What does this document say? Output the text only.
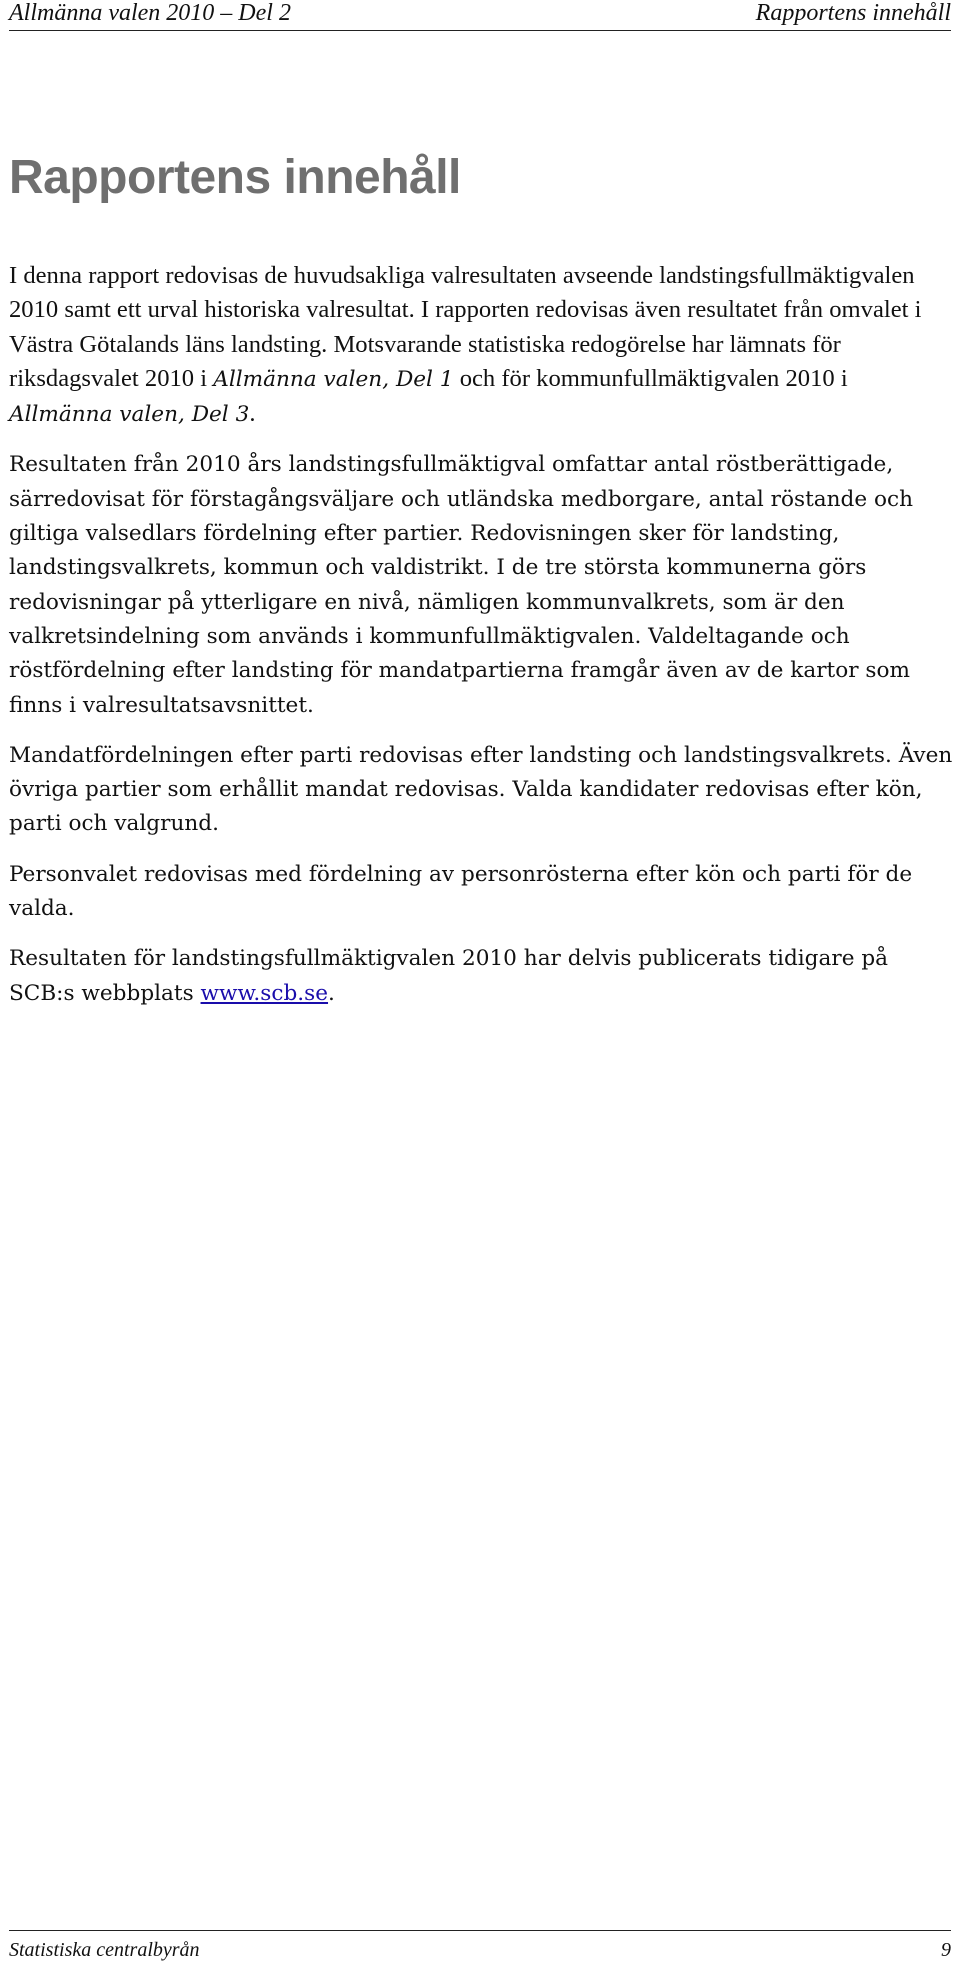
Allmänna valen 2010 – Del 2	Rapportens innehåll
Rapportens innehåll

I denna rapport redovisas de huvudsakliga valresultaten avseende landstingsfullmäktigvalen 2010 samt ett urval historiska valresultat. I rapporten redovisas även resultatet från omvalet i Västra Götalands läns landsting. Motsvarande statistiska redogörelse har lämnats för riksdagsvalet 2010 i Allmänna valen, Del 1 och för kommunfullmäktigvalen 2010 i Allmänna valen, Del 3.

Resultaten från 2010 års landstingsfullmäktigval omfattar antal röstberättigade, särredovisat för förstagångsväljare och utländska medborgare, antal röstande och giltiga valsedlars fördelning efter partier. Redovisningen sker för landsting, landstingsvalkrets, kommun och valdistrikt. I de tre största kommunerna görs redovisningar på ytterligare en nivå, nämligen kommunvalkrets, som är den valkretsindelning som används i kommunfullmäktigvalen. Valdeltagande och röstfördelning efter landsting för mandatpartierna framgår även av de kartor som finns i valresultatsavsnittet.

Mandatfördelningen efter parti redovisas efter landsting och landstingsvalkrets. Även övriga partier som erhållit mandat redovisas. Valda kandidater redovisas efter kön, parti och valgrund.

Personvalet redovisas med fördelning av personrösterna efter kön och parti för de valda.

Resultaten för landstingsfullmäktigvalen 2010 har delvis publicerats tidigare på SCB:s webbplats www.scb.se.

Statistiska centralbyrån	9
